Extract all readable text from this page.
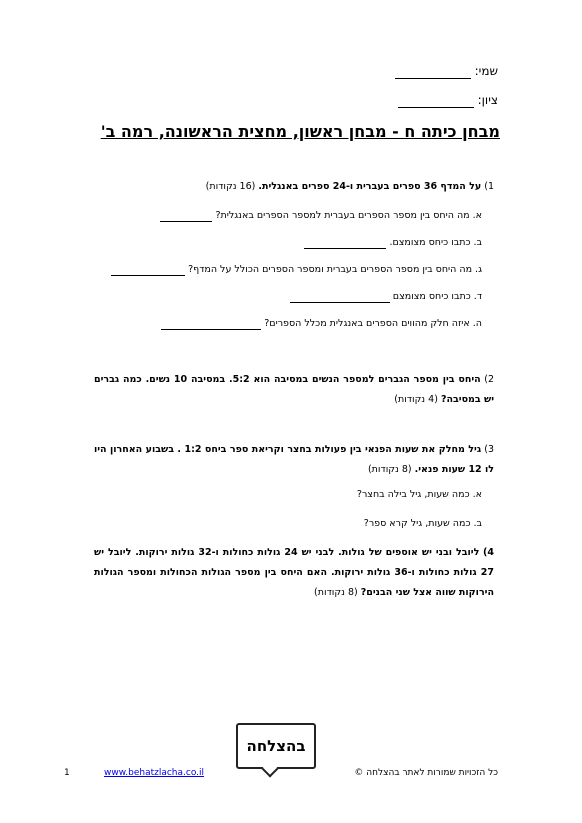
שמי:
ציון:
מבחן כיתה ח - מבחן ראשון, מחצית הראשונה, רמה ב'
1) על המדף 36 ספרים בעברית ו-24 ספרים באנגלית. (16 נקודות)
א. מה היחס בין מספר הספרים בעברית למספר הספרים באנגלית?
ב. כתבו כיחס מצומצם.
ג. מה היחס בין מספר הספרים בעברית ומספר הספרים הכולל על המדף?
ד. כתבו כיחס מצומצם
ה. איזה חלק מהווים הספרים באנגלית מכלל הספרים?
2) היחס בין מספר הגברים למספר הנשים במסיבה הוא 5:2. במסיבה 10 נשים. כמה גברים יש במסיבה? (4 נקודות)
3) גיל מחלק את שעות הפנאי בין פעולות בחצר וקריאת ספר ביחס 1:2 . בשבוע האחרון היו לו 12 שעות פנאי. (8 נקודות)
א. כמה שעות, גיל בילה בחצר?
ב. כמה שעות, גיל קרא ספר?
4) ליובל ובני יש אוספים של גולות. לבני יש 24 גולות כחולות ו-32 גולות ירוקות. ליובל יש 27 גולות כחולות ו-36 גולות ירוקות. האם היחס בין מספר הגולות הכחולות ומספר הגולות הירוקות שווה אצל שני הבנים? (8 נקודות)
בהצלחה
כל הזכויות שמורות לאתר בהצלחה ©
www.behatzlacha.co.il
1
